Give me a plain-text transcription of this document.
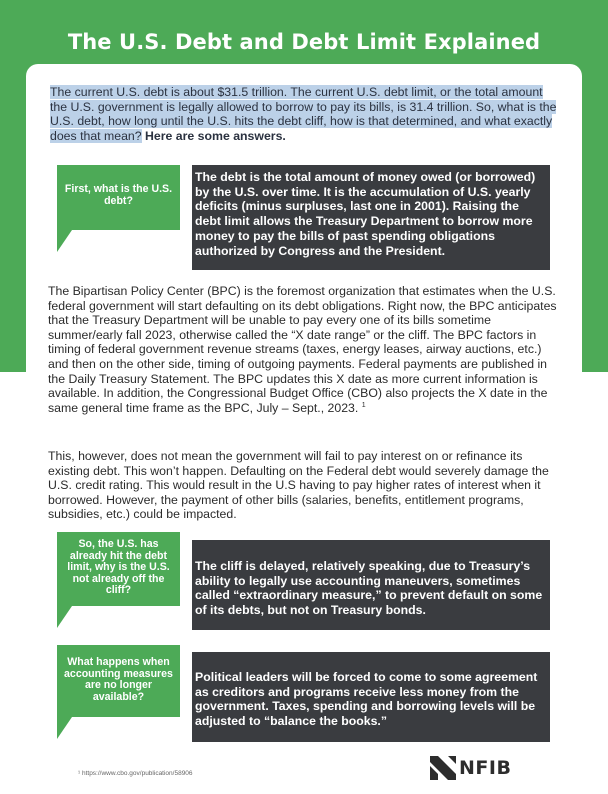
The U.S. Debt and Debt Limit Explained

The current U.S. debt is about $31.5 trillion. The current U.S. debt limit, or the total amount the U.S. government is legally allowed to borrow to pay its bills, is 31.4 trillion. So, what is the U.S. debt, how long until the U.S. hits the debt cliff, how is that determined, and what exactly does that mean? Here are some answers.

First, what is the U.S. debt?
The debt is the total amount of money owed (or borrowed) by the U.S. over time. It is the accumulation of U.S. yearly deficits (minus surpluses, last one in 2001). Raising the debt limit allows the Treasury Department to borrow more money to pay the bills of past spending obligations authorized by Congress and the President.

The Bipartisan Policy Center (BPC) is the foremost organization that estimates when the U.S. federal government will start defaulting on its debt obligations. Right now, the BPC anticipates that the Treasury Department will be unable to pay every one of its bills sometime summer/early fall 2023, otherwise called the “X date range” or the cliff. The BPC factors in timing of federal government revenue streams (taxes, energy leases, airway auctions, etc.) and then on the other side, timing of outgoing payments. Federal payments are published in the Daily Treasury Statement. The BPC updates this X date as more current information is available. In addition, the Congressional Budget Office (CBO) also projects the X date in the same general time frame as the BPC, July – Sept., 2023. $^1$

This, however, does not mean the government will fail to pay interest on or refinance its existing debt. This won’t happen. Defaulting on the Federal debt would severely damage the U.S. credit rating. This would result in the U.S having to pay higher rates of interest when it borrowed. However, the payment of other bills (salaries, benefits, entitlement programs, subsidies, etc.) could be impacted.

So, the U.S. has already hit the debt limit, why is the U.S. not already off the cliff?
The cliff is delayed, relatively speaking, due to Treasury’s ability to legally use accounting maneuvers, sometimes called “extraordinary measure,” to prevent default on some of its debts, but not on Treasury bonds.
What happens when accounting measures are no longer available?
Political leaders will be forced to come to some agreement as creditors and programs receive less money from the government. Taxes, spending and borrowing levels will be adjusted to “balance the books.”
¹ https://www.cbo.gov/publication/58906	NFIB
